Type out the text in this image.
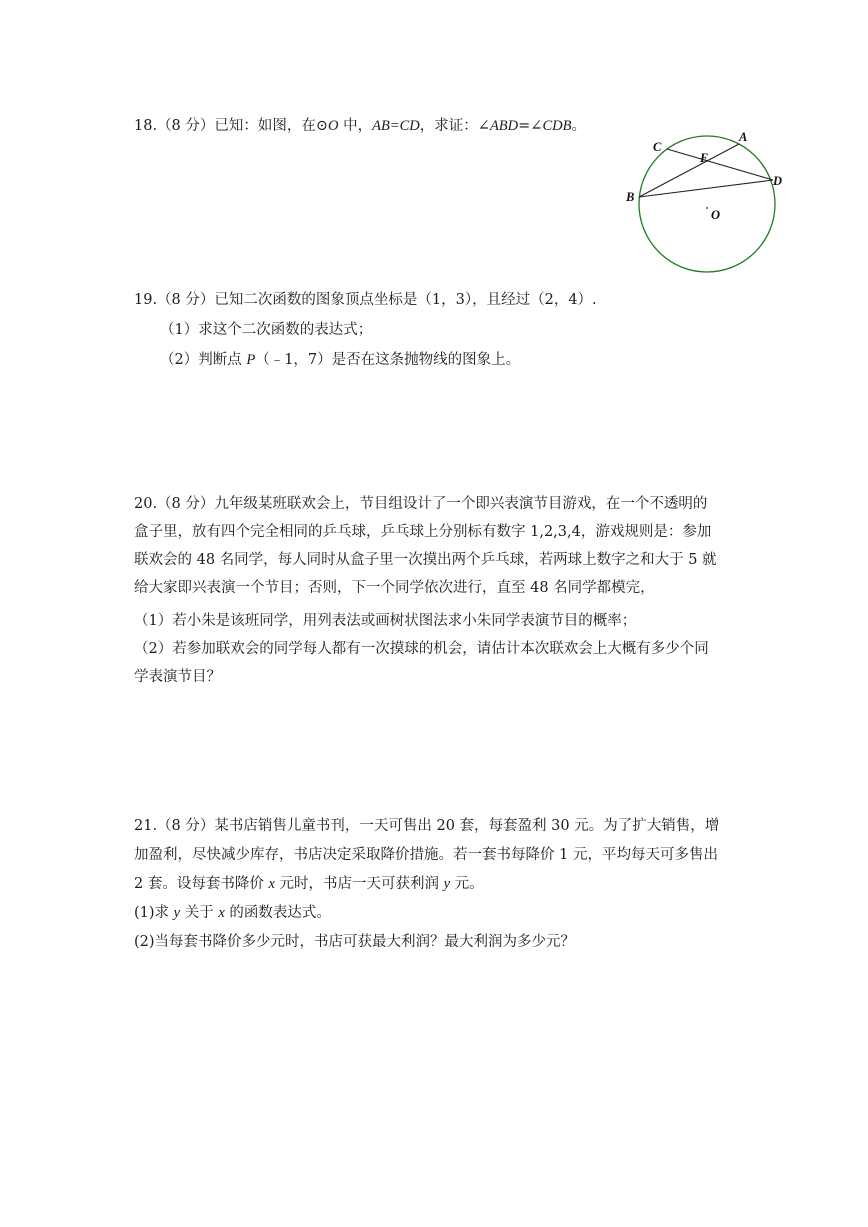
18.（8 分）已知：如图，在⊙O 中，AB=CD，求证：∠ABD=∠CDB。
A
B
C
D
E
O
19.（8 分）已知二次函数的图象顶点坐标是（1，3），且经过（2，4）.
（1）求这个二次函数的表达式；
（2）判断点 P（﹣1，7）是否在这条抛物线的图象上。
20.（8 分）九年级某班联欢会上，节目组设计了一个即兴表演节目游戏，在一个不透明的
盒子里，放有四个完全相同的乒乓球，乒乓球上分别标有数字 1,2,3,4，游戏规则是：参加
联欢会的 48 名同学，每人同时从盒子里一次摸出两个乒乓球，若两球上数字之和大于 5 就
给大家即兴表演一个节目；否则，下一个同学依次进行，直至 48 名同学都模完，
（1）若小朱是该班同学，用列表法或画树状图法求小朱同学表演节目的概率；
（2）若参加联欢会的同学每人都有一次摸球的机会，请估计本次联欢会上大概有多少个同
学表演节目？
21.（8 分）某书店销售儿童书刊，一天可售出 20 套，每套盈利 30 元。为了扩大销售，增
加盈利，尽快减少库存，书店决定采取降价措施。若一套书每降价 1 元，平均每天可多售出
2 套。设每套书降价 x 元时，书店一天可获利润 y 元。
(1)求 y 关于 x 的函数表达式。
(2)当每套书降价多少元时，书店可获最大利润？最大利润为多少元？
